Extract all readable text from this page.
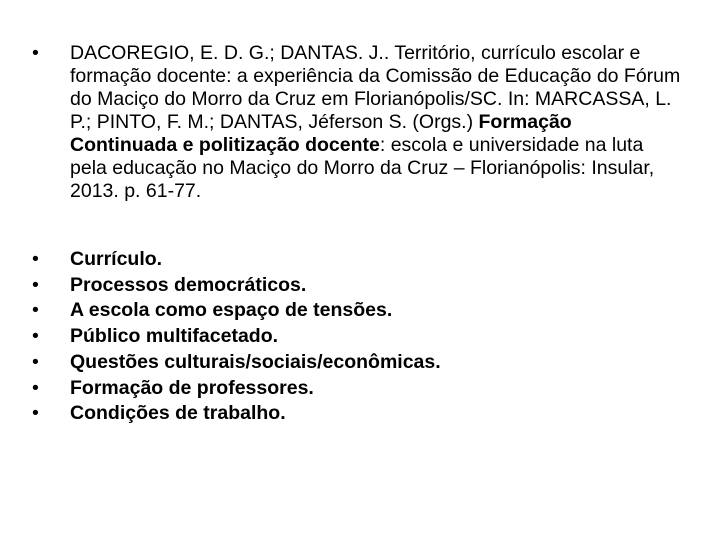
•	DACOREGIO, E. D. G.; DANTAS. J.. Território, currículo escolar e formação docente: a experiência da Comissão de Educação do Fórum do Maciço do Morro da Cruz em Florianópolis/SC. In: MARCASSA, L. P.; PINTO, F. M.; DANTAS, Jéferson S. (Orgs.) Formação Continuada e politização docente: escola e universidade na luta pela educação no Maciço do Morro da Cruz – Florianópolis: Insular, 2013. p. 61-77.
•	Currículo.
•	Processos democráticos.
•	A escola como espaço de tensões.
•	Público multifacetado.
•	Questões culturais/sociais/econômicas.
•	Formação de professores.
•	Condições de trabalho.
